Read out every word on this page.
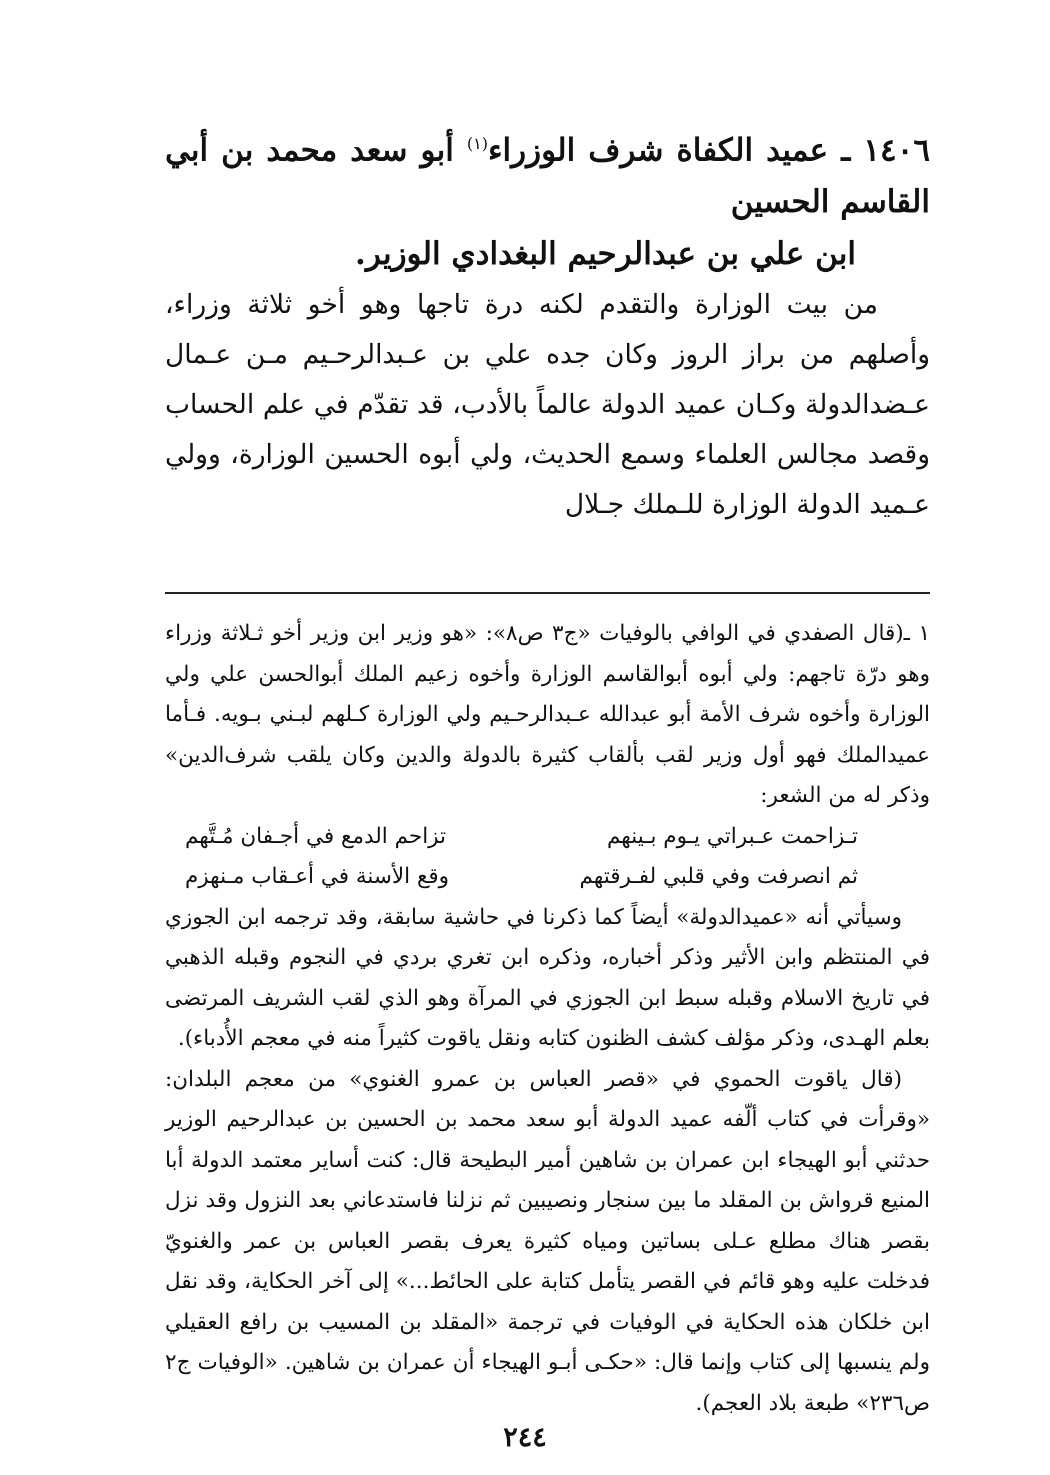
١٤٠٦ ـ عميد الكفاة شرف الوزراء$^{(١)}$ أبو سعد محمد بن أبي القاسم الحسين
ابن علي بن عبدالرحيم البغدادي الوزير.

من بيت الوزارة والتقدم لكنه درة تاجها وهو أخو ثلاثة وزراء، وأصلهم من براز الروز وكان جده علي بن عـبدالرحـيم مـن عـمال عـضدالدولة وكـان عميد الدولة عالماً بالأدب، قد تقدّم في علم الحساب وقصد مجالس العلماء وسمع الحديث، ولي أبوه الحسين الوزارة، وولي عـميد الدولة الوزارة للـملك جـلال

١ ـ(قال الصفدي في الوافي بالوفيات «ج٣ ص٨»: «هو وزير ابن وزير أخو ثـلاثة وزراء وهو درّة تاجهم: ولي أبوه أبوالقاسم الوزارة وأخوه زعيم الملك أبوالحسن علي ولي الوزارة وأخوه شرف الأمة أبو عبدالله عـبدالرحـيم ولي الوزارة كـلهم لبـني بـويه. فـأما عميدالملك فهو أول وزير لقب بألقاب كثيرة بالدولة والدين وكان يلقب شرف‌الدين» وذكر له من الشعر:

تـزاحمت عـبراتي يـوم بـينهم
تزاحم الدمع في أجـفان مُـتَّهم
ثم انصرفت وفي قلبي لفـرقتهم
وقع الأسنة في أعـقاب مـنهزم

وسيأتي أنه «عميدالدولة» أيضاً كما ذكرنا في حاشية سابقة، وقد ترجمه ابن الجوزي في المنتظم وابن الأثير وذكر أخباره، وذكره ابن تغري بردي في النجوم وقبله الذهبي في تاريخ الاسلام وقبله سبط ابن الجوزي في المرآة وهو الذي لقب الشريف المرتضى بعلم الهـدى، وذكر مؤلف كشف الظنون كتابه ونقل ياقوت كثيراً منه في معجم الأُدباء).

(قال ياقوت الحموي في «قصر العباس بن عمرو الغنوي» من معجم البلدان: «وقرأت في كتاب ألّفه عميد الدولة أبو سعد محمد بن الحسين بن عبدالرحيم الوزير حدثني أبو الهيجاء ابن عمران بن شاهين أمير البطيحة قال: كنت أساير معتمد الدولة أبا المنيع قرواش بن المقلد ما بين سنجار ونصيبين ثم نزلنا فاستدعاني بعد النزول وقد نزل بقصر هناك مطلع عـلى بساتين ومياه كثيرة يعرف بقصر العباس بن عمر والغنويّ فدخلت عليه وهو قائم في القصر يتأمل كتابة على الحائط...» إلى آخر الحكاية، وقد نقل ابن خلكان هذه الحكاية في الوفيات في ترجمة «المقلد بن المسيب بن رافع العقيلي ولم ينسبها إلى كتاب وإنما قال: «حكـى أبـو الهيجاء أن عمران بن شاهين. «الوفيات ج٢ ص٢٣٦» طبعة بلاد العجم).

٢٤٤
